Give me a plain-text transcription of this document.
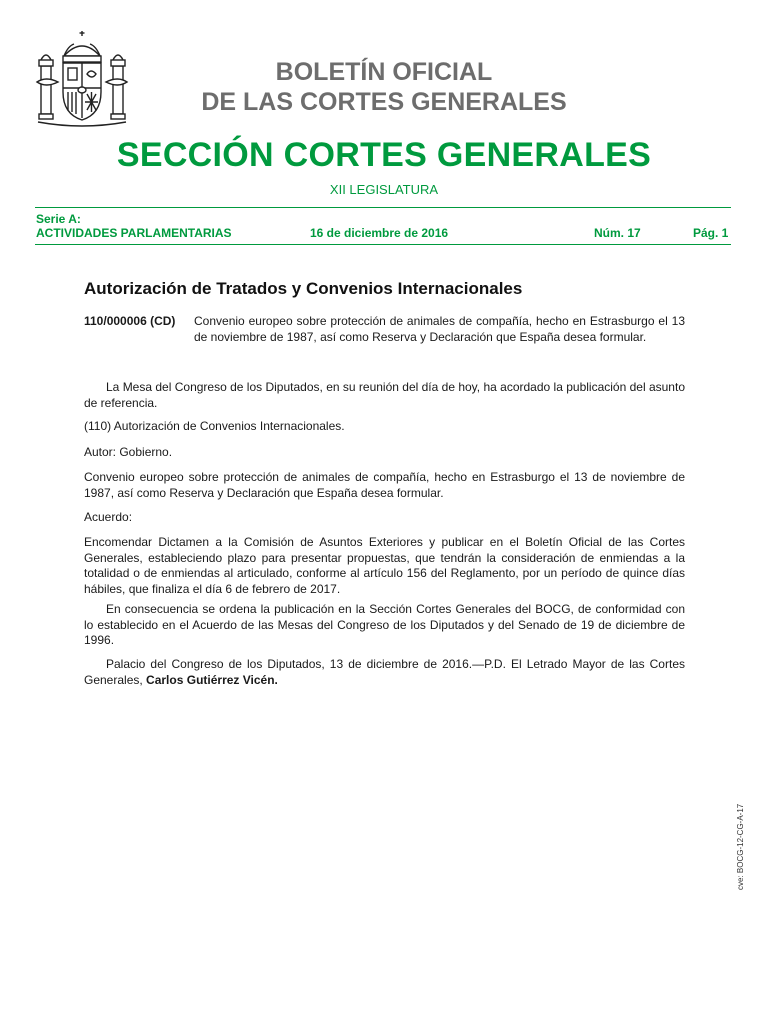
BOLETÍN OFICIAL
DE LAS CORTES GENERALES
SECCIÓN CORTES GENERALES
XII LEGISLATURA
Serie A:
ACTIVIDADES PARLAMENTARIAS	16 de diciembre de 2016	Núm. 17	Pág. 1
Autorización de Tratados y Convenios Internacionales
110/000006 (CD) Convenio europeo sobre protección de animales de compañía, hecho en Estrasburgo el 13 de noviembre de 1987, así como Reserva y Declaración que España desea formular.

La Mesa del Congreso de los Diputados, en su reunión del día de hoy, ha acordado la publicación del asunto de referencia.

(110) Autorización de Convenios Internacionales.

Autor: Gobierno.

Convenio europeo sobre protección de animales de compañía, hecho en Estrasburgo el 13 de noviembre de 1987, así como Reserva y Declaración que España desea formular.

Acuerdo:

Encomendar Dictamen a la Comisión de Asuntos Exteriores y publicar en el Boletín Oficial de las Cortes Generales, estableciendo plazo para presentar propuestas, que tendrán la consideración de enmiendas a la totalidad o de enmiendas al articulado, conforme al artículo 156 del Reglamento, por un período de quince días hábiles, que finaliza el día 6 de febrero de 2017.

En consecuencia se ordena la publicación en la Sección Cortes Generales del BOCG, de conformidad con lo establecido en el Acuerdo de las Mesas del Congreso de los Diputados y del Senado de 19 de diciembre de 1996.

Palacio del Congreso de los Diputados, 13 de diciembre de 2016.—P.D. El Letrado Mayor de las Cortes Generales, Carlos Gutiérrez Vicén.

cve: BOCG-12-CG-A-17
